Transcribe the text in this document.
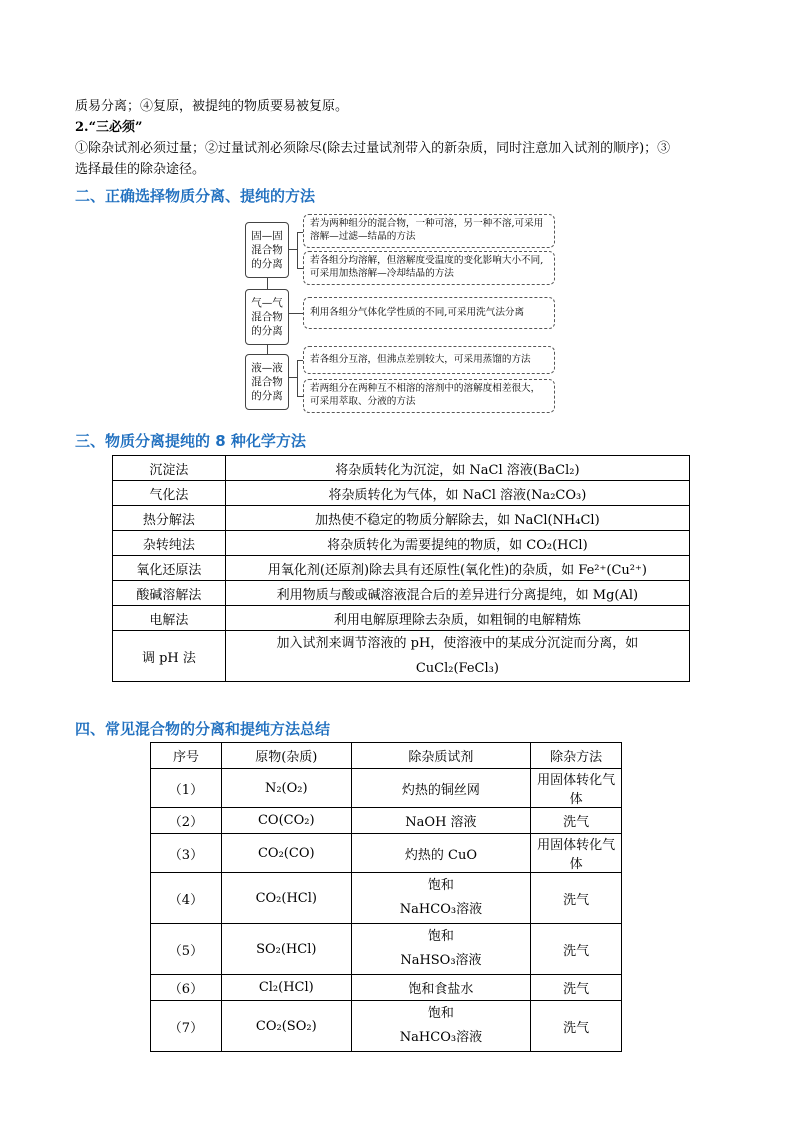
质易分离；④复原，被提纯的物质要易被复原。
2.“三必须”
①除杂试剂必须过量；②过量试剂必须除尽(除去过量试剂带入的新杂质，同时注意加入试剂的顺序)；③
选择最佳的除杂途径。
二、正确选择物质分离、提纯的方法
固—固混合物的分离
若为两种组分的混合物，一种可溶，另一种不溶,可采用溶解—过滤—结晶的方法
若各组分均溶解，但溶解度受温度的变化影响大小不同,可采用加热溶解—冷却结晶的方法
气—气混合物的分离
利用各组分气体化学性质的不同,可采用洗气法分离
液—液混合物的分离
若各组分互溶，但沸点差别较大，可采用蒸馏的方法
若两组分在两种互不相溶的溶剂中的溶解度相差很大，可采用萃取、分液的方法
三、物质分离提纯的 8 种化学方法
沉淀法	将杂质转化为沉淀，如 NaCl 溶液(BaCl₂)
气化法	将杂质转化为气体，如 NaCl 溶液(Na₂CO₃)
热分解法	加热使不稳定的物质分解除去，如 NaCl(NH₄Cl)
杂转纯法	将杂质转化为需要提纯的物质，如 CO₂(HCl)
氧化还原法	用氧化剂(还原剂)除去具有还原性(氧化性)的杂质，如 Fe²⁺(Cu²⁺)
酸碱溶解法	利用物质与酸或碱溶液混合后的差异进行分离提纯，如 Mg(Al)
电解法	利用电解原理除去杂质，如粗铜的电解精炼
调 pH 法	加入试剂来调节溶液的 pH，使溶液中的某成分沉淀而分离，如
CuCl₂(FeCl₃)
四、常见混合物的分离和提纯方法总结
序号	原物(杂质)	除杂质试剂	除杂方法
（1）	N₂(O₂)	灼热的铜丝网	用固体转化气体
（2）	CO(CO₂)	NaOH 溶液	洗气
（3）	CO₂(CO)	灼热的 CuO	用固体转化气体
（4）	CO₂(HCl)	饱和
NaHCO₃溶液	洗气
（5）	SO₂(HCl)	饱和
NaHSO₃溶液	洗气
（6）	Cl₂(HCl)	饱和食盐水	洗气
（7）	CO₂(SO₂)	饱和
NaHCO₃溶液	洗气
